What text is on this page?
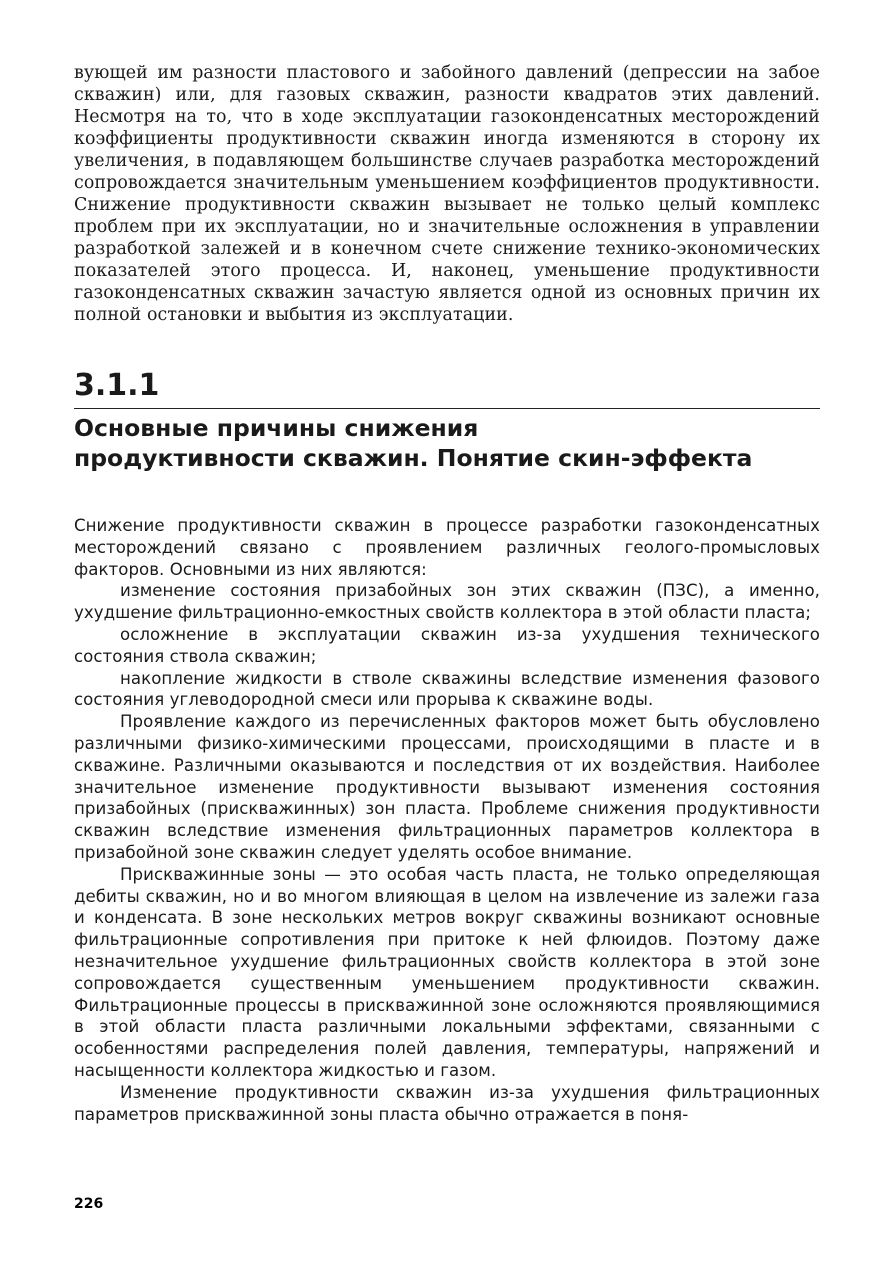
вующей им разности пластового и забойного давлений (депрессии на забое скважин) или, для газовых скважин, разности квадратов этих давлений. Несмотря на то, что в ходе эксплуатации газоконденсатных месторождений коэффициенты продуктивности скважин иногда изменяются в сторону их увеличения, в подавляющем большинстве случаев разработка месторождений сопровождается значительным уменьшением коэффициентов продуктивности. Снижение продуктивности скважин вызывает не только целый комплекс проблем при их эксплуатации, но и значительные осложнения в управлении разработкой залежей и в конечном счете снижение технико-экономических показателей этого процесса. И, наконец, уменьшение продуктивности газоконденсатных скважин зачастую является одной из основных причин их полной остановки и выбытия из эксплуатации.

3.1.1
Основные причины снижения
продуктивности скважин. Понятие скин-эффекта

Снижение продуктивности скважин в процессе разработки газоконденсатных месторождений связано с проявлением различных геолого-промысловых факторов. Основными из них являются:

изменение состояния призабойных зон этих скважин (ПЗС), а именно, ухудшение фильтрационно-емкостных свойств коллектора в этой области пласта;

осложнение в эксплуатации скважин из-за ухудшения технического состояния ствола скважин;

накопление жидкости в стволе скважины вследствие изменения фазового состояния углеводородной смеси или прорыва к скважине воды.

Проявление каждого из перечисленных факторов может быть обусловлено различными физико-химическими процессами, происходящими в пласте и в скважине. Различными оказываются и последствия от их воздействия. Наиболее значительное изменение продуктивности вызывают изменения состояния призабойных (прискважинных) зон пласта. Проблеме снижения продуктивности скважин вследствие изменения фильтрационных параметров коллектора в призабойной зоне скважин следует уделять особое внимание.

Прискважинные зоны — это особая часть пласта, не только определяющая дебиты скважин, но и во многом влияющая в целом на извлечение из залежи газа и конденсата. В зоне нескольких метров вокруг скважины возникают основные фильтрационные сопротивления при притоке к ней флюидов. Поэтому даже незначительное ухудшение фильтрационных свойств коллектора в этой зоне сопровождается существенным уменьшением продуктивности скважин. Фильтрационные процессы в прискважинной зоне осложняются проявляющимися в этой области пласта различными локальными эффектами, связанными с особенностями распределения полей давления, температуры, напряжений и насыщенности коллектора жидкостью и газом.

Изменение продуктивности скважин из-за ухудшения фильтрационных параметров прискважинной зоны пласта обычно отражается в поня-

226
